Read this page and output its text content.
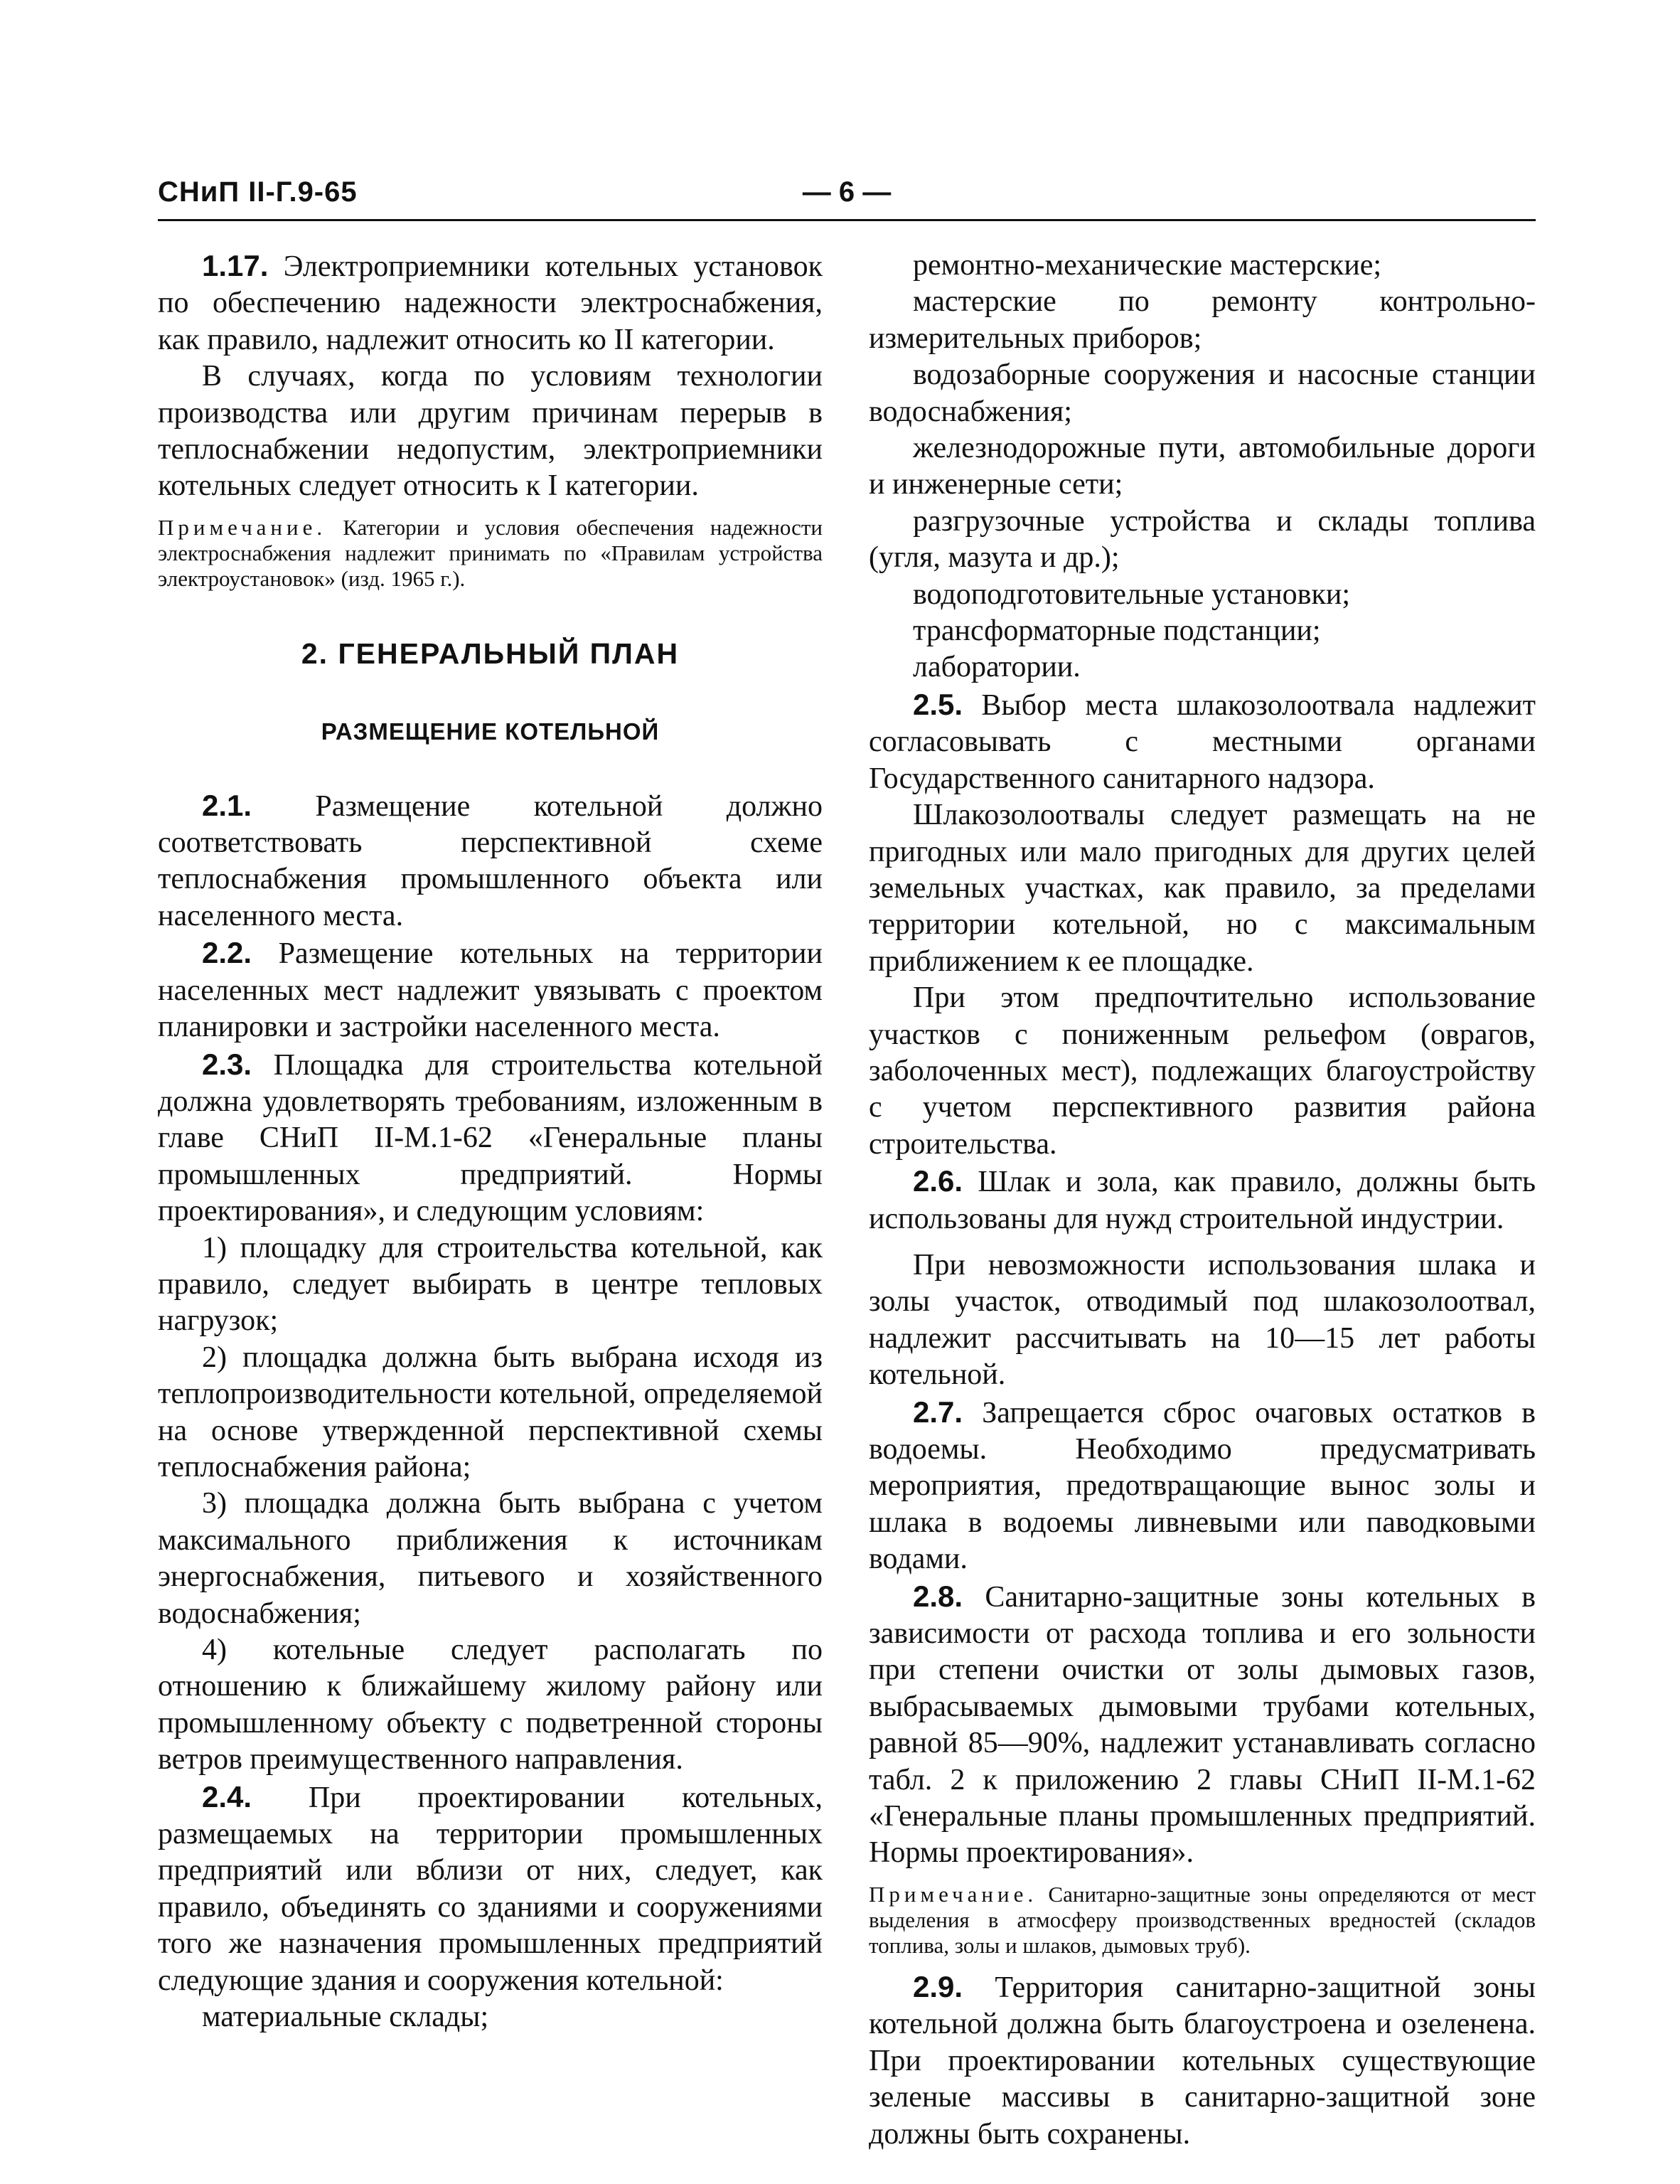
СНиП II-Г.9-65	— 6 —

1.17. Электроприемники котельных установок по обеспечению надежности электроснабжения, как правило, надлежит относить ко II категории.

В случаях, когда по условиям технологии производства или другим причинам перерыв в теплоснабжении недопустим, электроприемники котельных следует относить к I категории.

Примечание. Категории и условия обеспечения надежности электроснабжения надлежит принимать по «Правилам устройства электроустановок» (изд. 1965 г.).

2. ГЕНЕРАЛЬНЫЙ ПЛАН
РАЗМЕЩЕНИЕ КОТЕЛЬНОЙ

2.1. Размещение котельной должно соответствовать перспективной схеме теплоснабжения промышленного объекта или населенного места.

2.2. Размещение котельных на территории населенных мест надлежит увязывать с проектом планировки и застройки населенного места.

2.3. Площадка для строительства котельной должна удовлетворять требованиям, изложенным в главе СНиП II-М.1-62 «Генеральные планы промышленных предприятий. Нормы проектирования», и следующим условиям:

1) площадку для строительства котельной, как правило, следует выбирать в центре тепловых нагрузок;

2) площадка должна быть выбрана исходя из теплопроизводительности котельной, определяемой на основе утвержденной перспективной схемы теплоснабжения района;

3) площадка должна быть выбрана с учетом максимального приближения к источникам энергоснабжения, питьевого и хозяйственного водоснабжения;

4) котельные следует располагать по отношению к ближайшему жилому району или промышленному объекту с подветренной стороны ветров преимущественного направления.

2.4. При проектировании котельных, размещаемых на территории промышленных предприятий или вблизи от них, следует, как правило, объединять со зданиями и сооружениями того же назначения промышленных предприятий следующие здания и сооружения котельной:

материальные склады;

ремонтно-механические мастерские;

мастерские по ремонту контрольно-измерительных приборов;

водозаборные сооружения и насосные станции водоснабжения;

железнодорожные пути, автомобильные дороги и инженерные сети;

разгрузочные устройства и склады топлива (угля, мазута и др.);

водоподготовительные установки;

трансформаторные подстанции;

лаборатории.

2.5. Выбор места шлакозолоотвала надлежит согласовывать с местными органами Государственного санитарного надзора.

Шлакозолоотвалы следует размещать на не пригодных или мало пригодных для других целей земельных участках, как правило, за пределами территории котельной, но с максимальным приближением к ее площадке.

При этом предпочтительно использование участков с пониженным рельефом (оврагов, заболоченных мест), подлежащих благоустройству с учетом перспективного развития района строительства.

2.6. Шлак и зола, как правило, должны быть использованы для нужд строительной индустрии.

При невозможности использования шлака и золы участок, отводимый под шлакозолоотвал, надлежит рассчитывать на 10—15 лет работы котельной.

2.7. Запрещается сброс очаговых остатков в водоемы. Необходимо предусматривать мероприятия, предотвращающие вынос золы и шлака в водоемы ливневыми или паводковыми водами.

2.8. Санитарно-защитные зоны котельных в зависимости от расхода топлива и его зольности при степени очистки от золы дымовых газов, выбрасываемых дымовыми трубами котельных, равной 85—90%, надлежит устанавливать согласно табл. 2 к приложению 2 главы СНиП II-М.1-62 «Генеральные планы промышленных предприятий. Нормы проектирования».

Примечание. Санитарно-защитные зоны определяются от мест выделения в атмосферу производственных вредностей (складов топлива, золы и шлаков, дымовых труб).

2.9. Территория санитарно-защитной зоны котельной должна быть благоустроена и озеленена. При проектировании котельных существующие зеленые массивы в санитарно-защитной зоне должны быть сохранены.
